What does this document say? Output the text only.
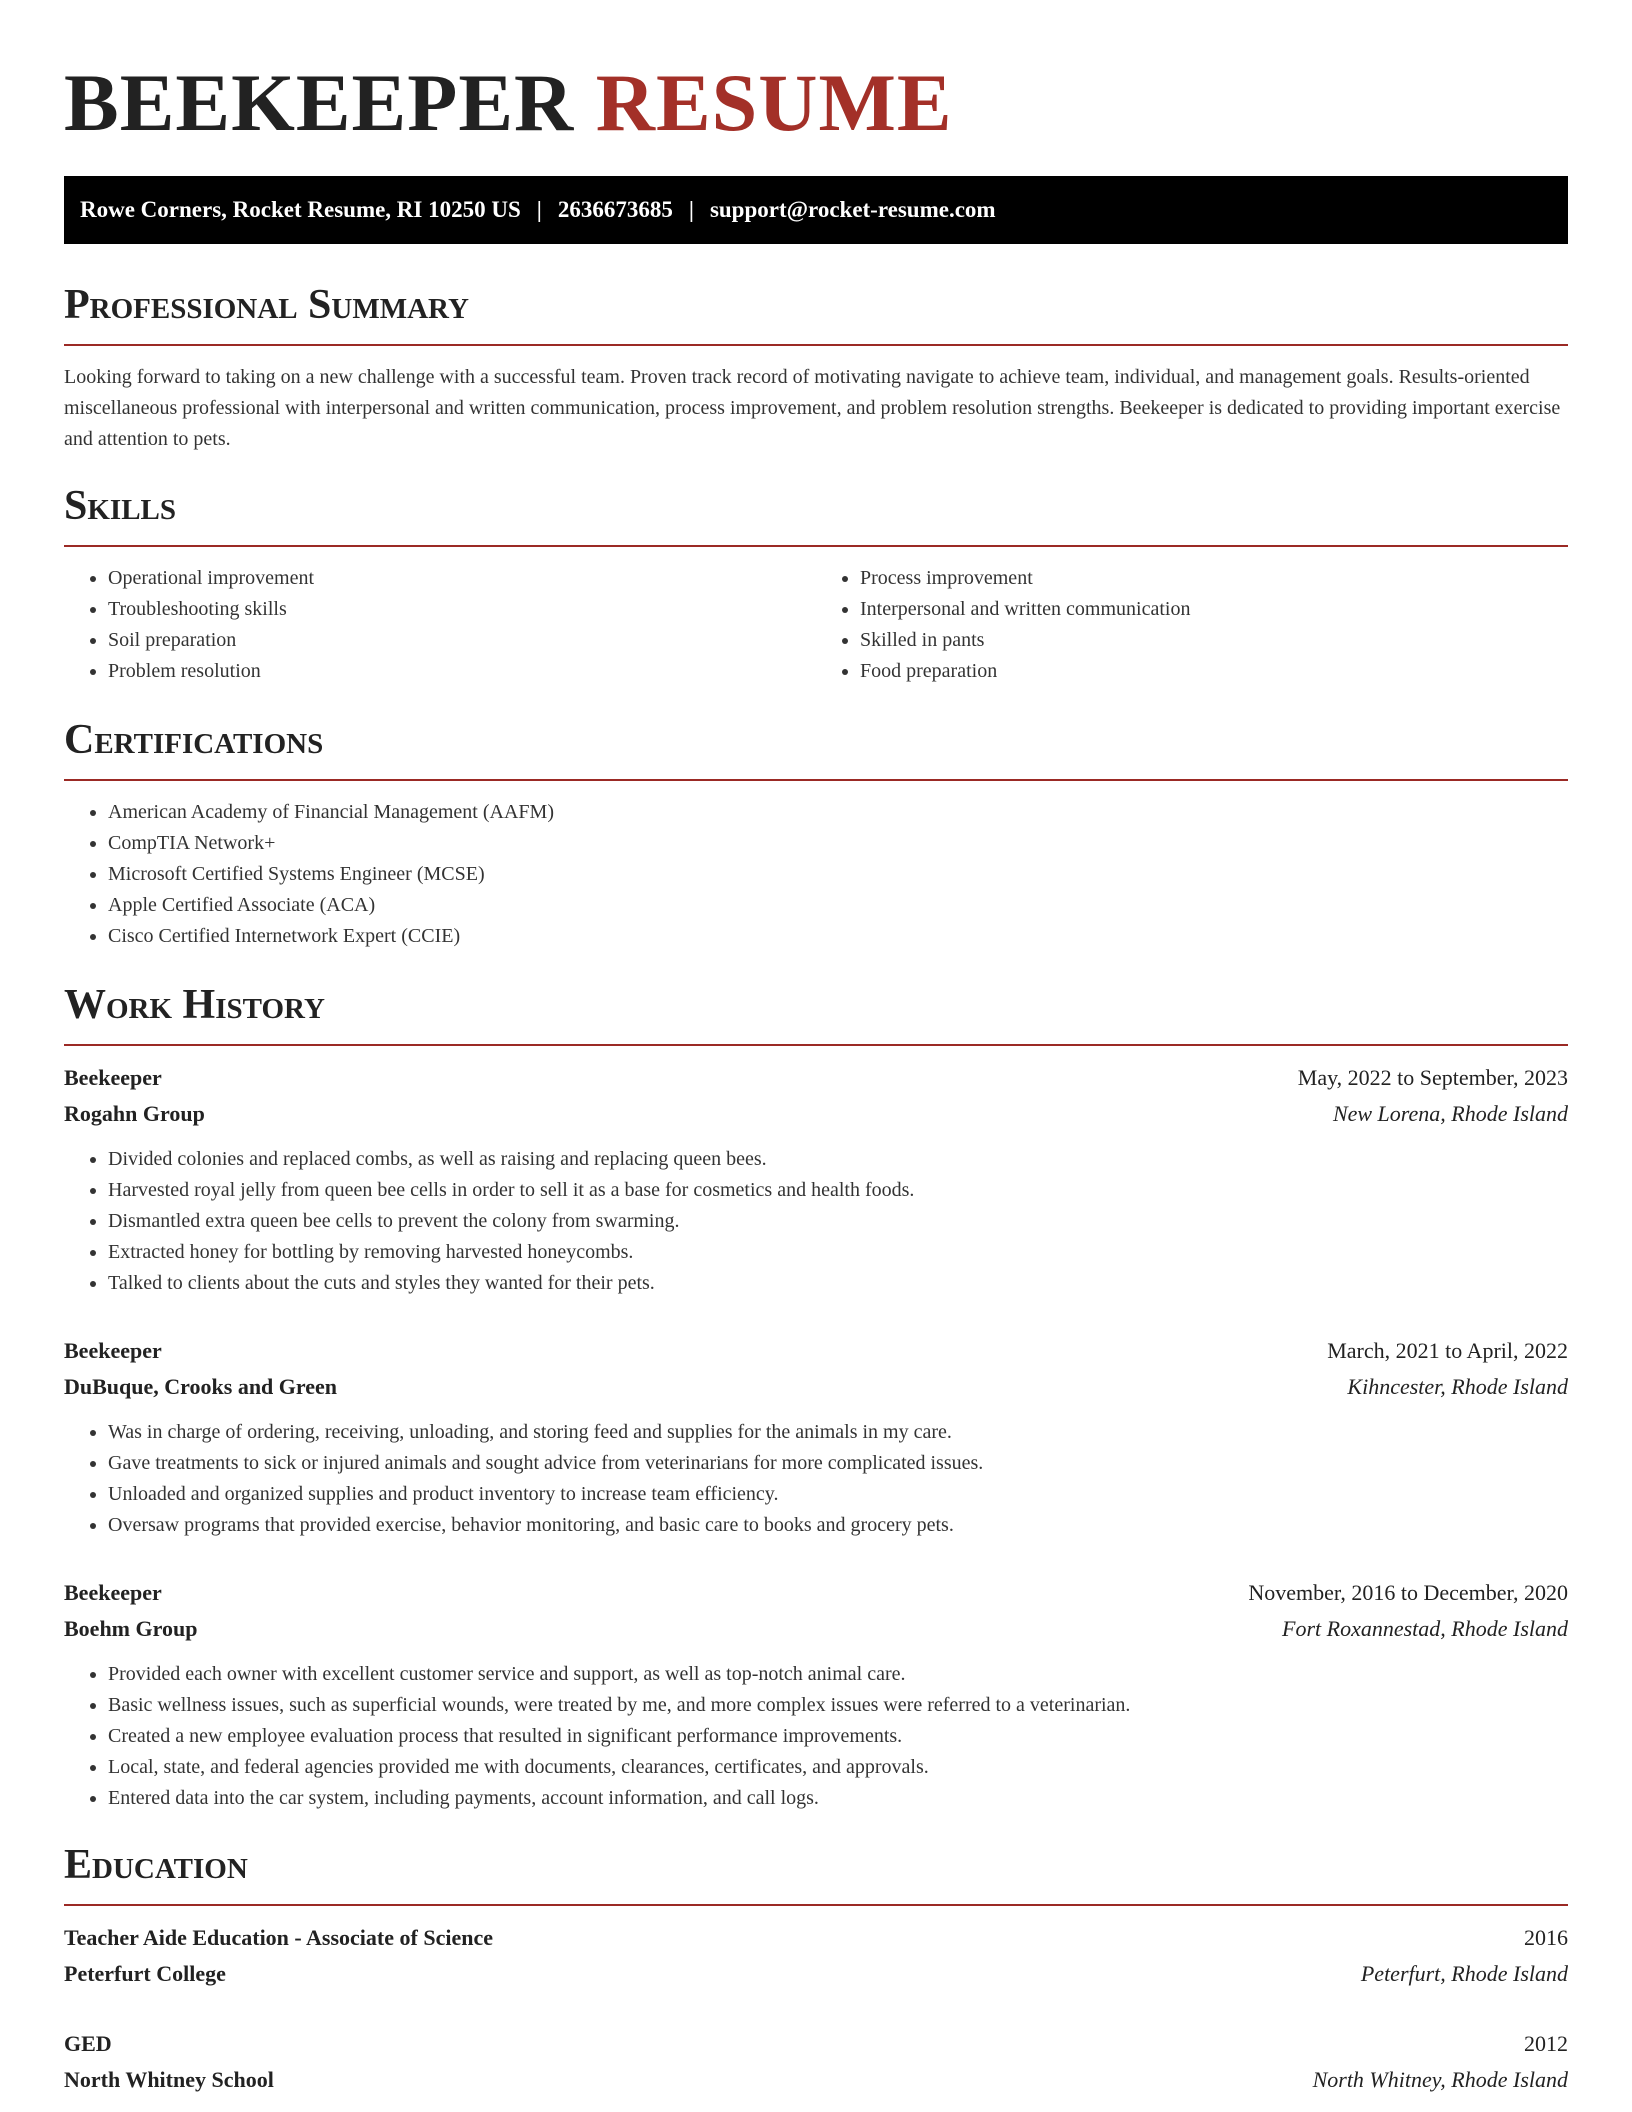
BEEKEEPER RESUME
Rowe Corners, Rocket Resume, RI 10250 US | 2636673685 | support@rocket-resume.com
Professional Summary

Looking forward to taking on a new challenge with a successful team. Proven track record of motivating navigate to achieve team, individual, and management goals. Results-oriented miscellaneous professional with interpersonal and written communication, process improvement, and problem resolution strengths. Beekeeper is dedicated to providing important exercise and attention to pets.

Skills
• Operational improvement
• Troubleshooting skills
• Soil preparation
• Problem resolution
• Process improvement
• Interpersonal and written communication
• Skilled in pants
• Food preparation
Certifications
• American Academy of Financial Management (AAFM)
• CompTIA Network+
• Microsoft Certified Systems Engineer (MCSE)
• Apple Certified Associate (ACA)
• Cisco Certified Internetwork Expert (CCIE)
Work History
Beekeeper	May, 2022 to September, 2023
Rogahn Group	New Lorena, Rhode Island
• Divided colonies and replaced combs, as well as raising and replacing queen bees.
• Harvested royal jelly from queen bee cells in order to sell it as a base for cosmetics and health foods.
• Dismantled extra queen bee cells to prevent the colony from swarming.
• Extracted honey for bottling by removing harvested honeycombs.
• Talked to clients about the cuts and styles they wanted for their pets.
Beekeeper	March, 2021 to April, 2022
DuBuque, Crooks and Green	Kihncester, Rhode Island
• Was in charge of ordering, receiving, unloading, and storing feed and supplies for the animals in my care.
• Gave treatments to sick or injured animals and sought advice from veterinarians for more complicated issues.
• Unloaded and organized supplies and product inventory to increase team efficiency.
• Oversaw programs that provided exercise, behavior monitoring, and basic care to books and grocery pets.
Beekeeper	November, 2016 to December, 2020
Boehm Group	Fort Roxannestad, Rhode Island
• Provided each owner with excellent customer service and support, as well as top-notch animal care.
• Basic wellness issues, such as superficial wounds, were treated by me, and more complex issues were referred to a veterinarian.
• Created a new employee evaluation process that resulted in significant performance improvements.
• Local, state, and federal agencies provided me with documents, clearances, certificates, and approvals.
• Entered data into the car system, including payments, account information, and call logs.
Education
Teacher Aide Education - Associate of Science	2016
Peterfurt College	Peterfurt, Rhode Island
GED	2012
North Whitney School	North Whitney, Rhode Island
